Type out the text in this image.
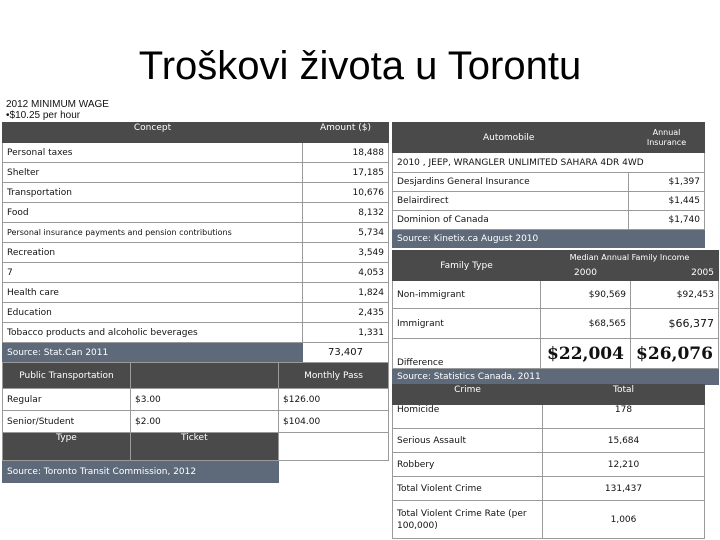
Troškovi života u Torontu
2012 MINIMUM WAGE
•$10.25 per hour
Concept	Amount ($)
Personal taxes	18,488
Shelter	17,185
Transportation	10,676
Food	8,132
Personal insurance payments and pension contributions	5,734
Recreation	3,549
7	4,053
Health care	1,824
Education	2,435
Tobacco products and alcoholic beverages	1,331
Source: Stat.Can 2011	73,407
Public Transportation		Monthly Pass
Regular	$3.00	$126.00
Senior/Student	$2.00	$104.00
Type	Ticket	
Source: Toronto Transit Commission, 2012		
Automobile	Annual Insurance
2010 , JEEP, WRANGLER UNLIMITED SAHARA 4DR 4WD	
Desjardins General Insurance	$1,397
Belairdirect	$1,445
Dominion of Canada	$1,740
Source: Kinetix.ca August 2010	
Family Type	Median Annual Family Income	
	2000	2005
Non-immigrant	$90,569	$92,453
Immigrant	$68,565	$66,377
Difference	$22,004	$26,076
Source: Statistics Canada, 2011		
Crime	Total
Homicide	178
Serious Assault	15,684
Robbery	12,210
Total Violent Crime	131,437
Total Violent Crime Rate (per 100,000)	1,006
